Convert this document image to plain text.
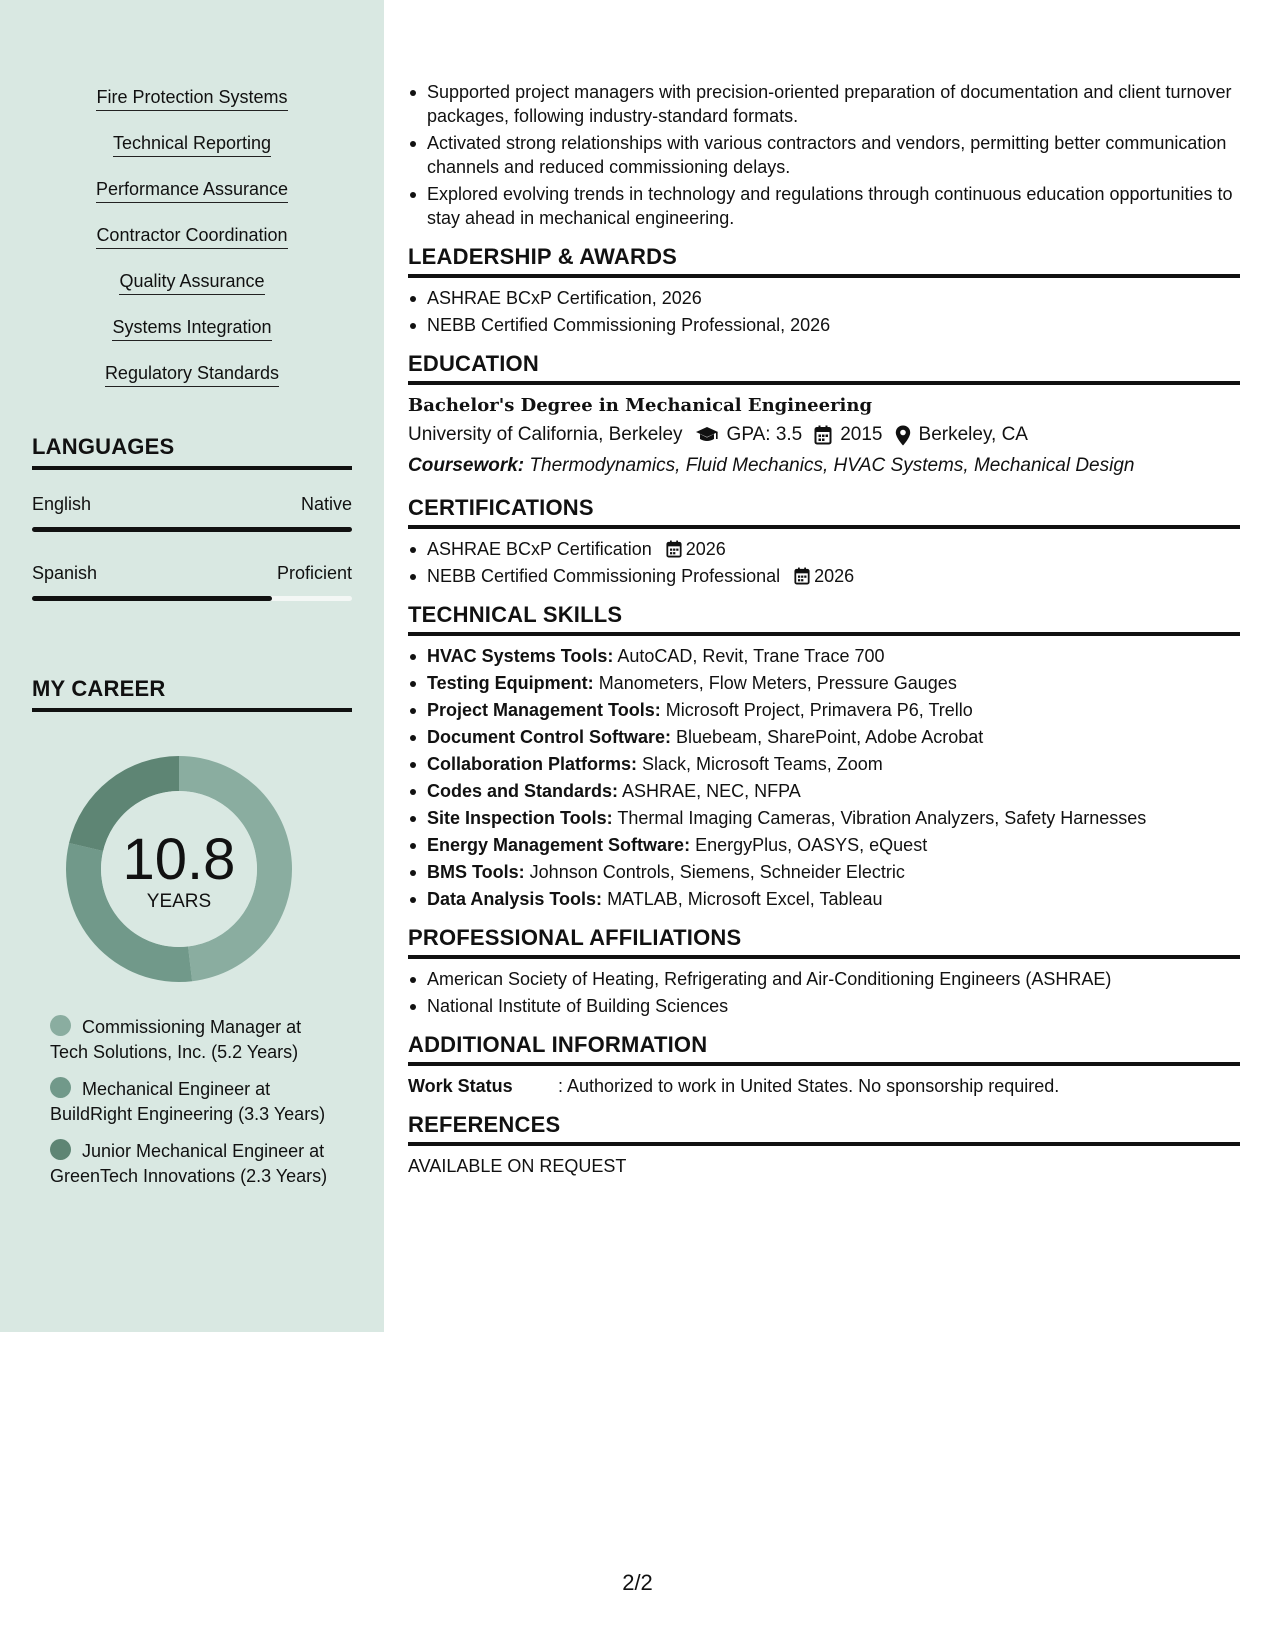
Fire Protection Systems
Technical Reporting
Performance Assurance
Contractor Coordination
Quality Assurance
Systems Integration
Regulatory Standards
LANGUAGES
English	Native
Spanish	Proficient
MY CAREER
10.8
YEARS
Commissioning Manager at Tech Solutions, Inc. (5.2 Years)
Mechanical Engineer at BuildRight Engineering (3.3 Years)
Junior Mechanical Engineer at GreenTech Innovations (2.3 Years)
Supported project managers with precision-oriented preparation of documentation and client turnover packages, following industry-standard formats.
Activated strong relationships with various contractors and vendors, permitting better communication channels and reduced commissioning delays.
Explored evolving trends in technology and regulations through continuous education opportunities to stay ahead in mechanical engineering.
LEADERSHIP & AWARDS
ASHRAE BCxP Certification, 2026
NEBB Certified Commissioning Professional, 2026
EDUCATION
Bachelor's Degree in Mechanical Engineering
University of California, Berkeley GPA: 3.5 2015 Berkeley, CA
Coursework: Thermodynamics, Fluid Mechanics, HVAC Systems, Mechanical Design
CERTIFICATIONS
ASHRAE BCxP Certification 2026
NEBB Certified Commissioning Professional 2026
TECHNICAL SKILLS
HVAC Systems Tools: AutoCAD, Revit, Trane Trace 700
Testing Equipment: Manometers, Flow Meters, Pressure Gauges
Project Management Tools: Microsoft Project, Primavera P6, Trello
Document Control Software: Bluebeam, SharePoint, Adobe Acrobat
Collaboration Platforms: Slack, Microsoft Teams, Zoom
Codes and Standards: ASHRAE, NEC, NFPA
Site Inspection Tools: Thermal Imaging Cameras, Vibration Analyzers, Safety Harnesses
Energy Management Software: EnergyPlus, OASYS, eQuest
BMS Tools: Johnson Controls, Siemens, Schneider Electric
Data Analysis Tools: MATLAB, Microsoft Excel, Tableau
PROFESSIONAL AFFILIATIONS
American Society of Heating, Refrigerating and Air-Conditioning Engineers (ASHRAE)
National Institute of Building Sciences
ADDITIONAL INFORMATION
Work Status	: Authorized to work in United States. No sponsorship required.
REFERENCES
AVAILABLE ON REQUEST
2/2
